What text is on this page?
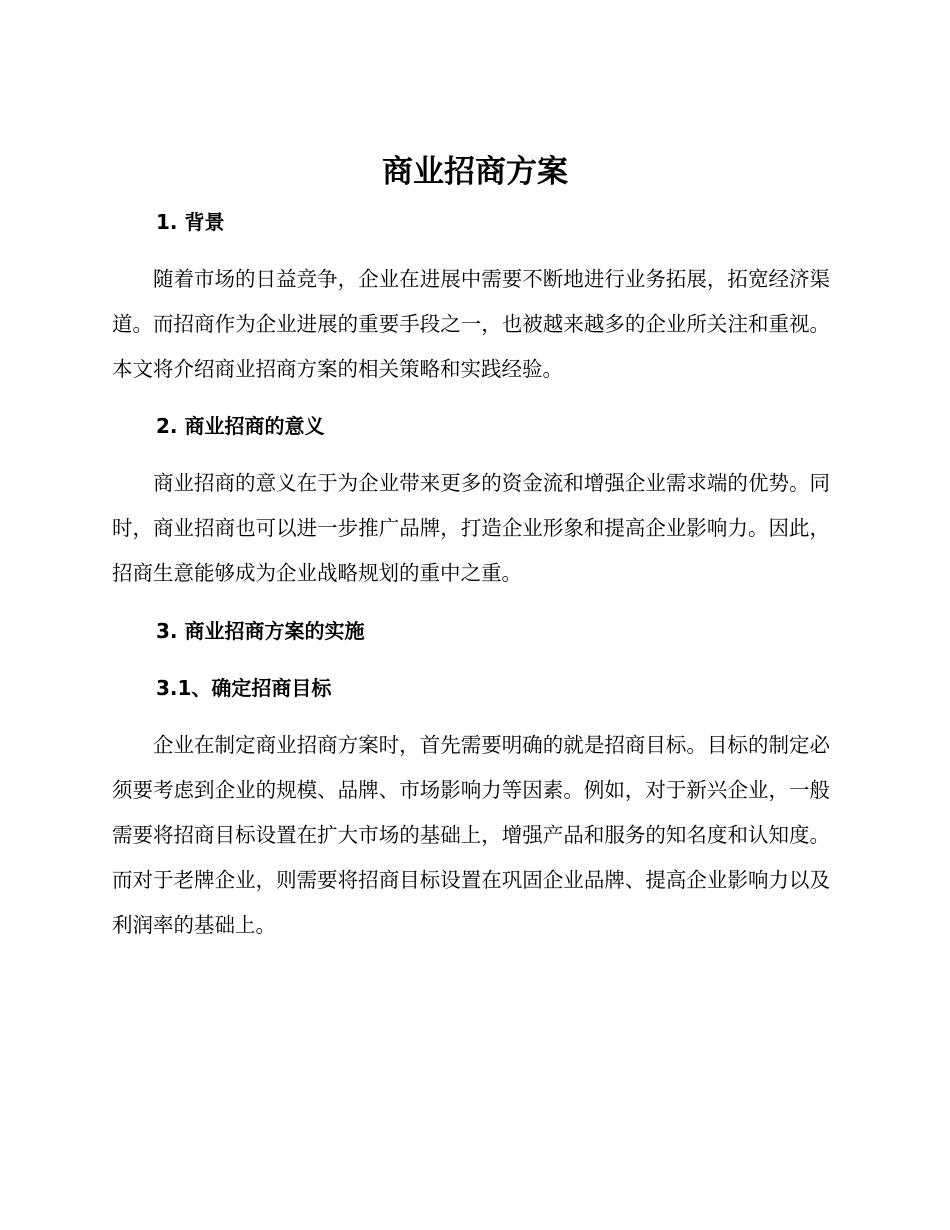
商业招商方案
1. 背景

随着市场的日益竞争，企业在进展中需要不断地进行业务拓展，拓宽经济渠道。而招商作为企业进展的重要手段之一，也被越来越多的企业所关注和重视。本文将介绍商业招商方案的相关策略和实践经验。

2. 商业招商的意义

商业招商的意义在于为企业带来更多的资金流和增强企业需求端的优势。同时，商业招商也可以进一步推广品牌，打造企业形象和提高企业影响力。因此，招商生意能够成为企业战略规划的重中之重。

3. 商业招商方案的实施
3.1、确定招商目标

企业在制定商业招商方案时，首先需要明确的就是招商目标。目标的制定必须要考虑到企业的规模、品牌、市场影响力等因素。例如，对于新兴企业，一般需要将招商目标设置在扩大市场的基础上，增强产品和服务的知名度和认知度。而对于老牌企业，则需要将招商目标设置在巩固企业品牌、提高企业影响力以及利润率的基础上。
